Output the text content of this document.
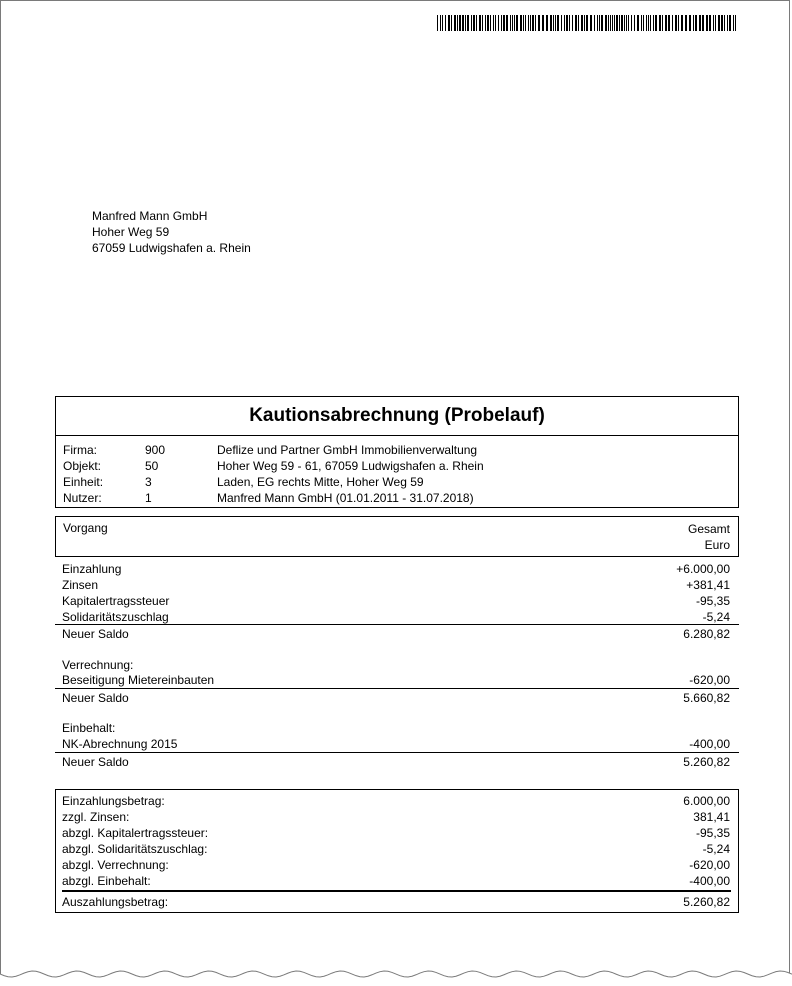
Manfred Mann GmbH
Hoher Weg 59
67059 Ludwigshafen a. Rhein
Kautionsabrechnung (Probelauf)
Firma:	900	Deflize und Partner GmbH Immobilienverwaltung
Objekt:	50	Hoher Weg 59 - 61, 67059 Ludwigshafen a. Rhein
Einheit:	3	Laden, EG rechts Mitte, Hoher Weg 59
Nutzer:	1	Manfred Mann GmbH (01.01.2011 - 31.07.2018)
Vorgang	Gesamt
Euro
Einzahlung	+6.000,00
Zinsen	+381,41
Kapitalertragssteuer	-95,35
Solidaritätszuschlag	-5,24
Neuer Saldo	6.280,82
Verrechnung:
Beseitigung Mietereinbauten	-620,00
Neuer Saldo	5.660,82
Einbehalt:
NK-Abrechnung 2015	-400,00
Neuer Saldo	5.260,82
Einzahlungsbetrag:	6.000,00
zzgl. Zinsen:	381,41
abzgl. Kapitalertragssteuer:	-95,35
abzgl. Solidaritätszuschlag:	-5,24
abzgl. Verrechnung:	-620,00
abzgl. Einbehalt:	-400,00
Auszahlungsbetrag:	5.260,82
